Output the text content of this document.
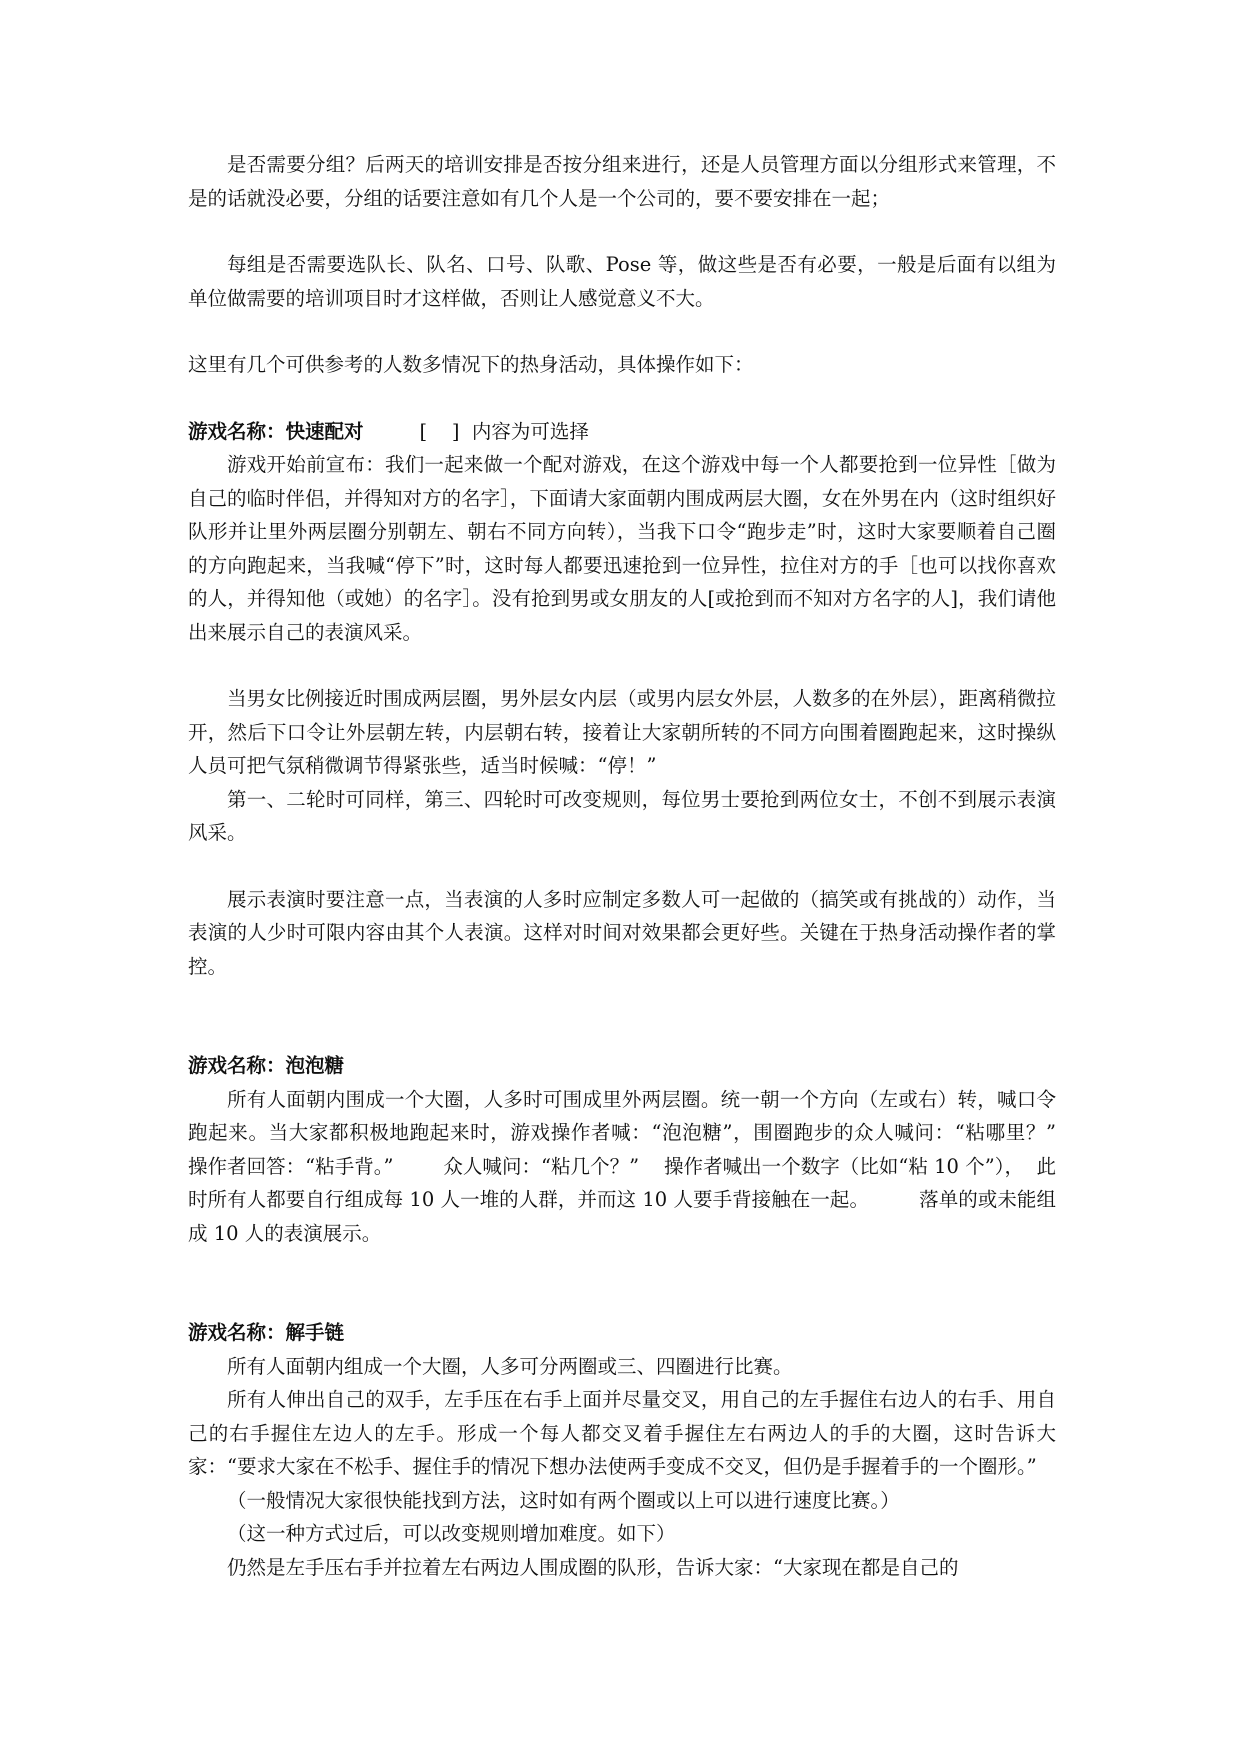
是否需要分组？后两天的培训安排是否按分组来进行，还是人员管理方面以分组形式来管理，不是的话就没必要，分组的话要注意如有几个人是一个公司的，要不要安排在一起；

每组是否需要选队长、队名、口号、队歌、Pose 等，做这些是否有必要，一般是后面有以组为单位做需要的培训项目时才这样做，否则让人感觉意义不大。

这里有几个可供参考的人数多情况下的热身活动，具体操作如下：

游戏名称：快速配对	[    ]  内容为可选择

游戏开始前宣布：我们一起来做一个配对游戏，在这个游戏中每一个人都要抢到一位异性［做为自己的临时伴侣，并得知对方的名字］，下面请大家面朝内围成两层大圈，女在外男在内（这时组织好队形并让里外两层圈分别朝左、朝右不同方向转），当我下口令“跑步走”时，这时大家要顺着自己圈的方向跑起来，当我喊“停下”时，这时每人都要迅速抢到一位异性，拉住对方的手［也可以找你喜欢的人，并得知他（或她）的名字］。没有抢到男或女朋友的人[或抢到而不知对方名字的人]，我们请他出来展示自己的表演风采。

当男女比例接近时围成两层圈，男外层女内层（或男内层女外层，人数多的在外层），距离稍微拉开，然后下口令让外层朝左转，内层朝右转，接着让大家朝所转的不同方向围着圈跑起来，这时操纵人员可把气氛稍微调节得紧张些，适当时候喊：“停！”

第一、二轮时可同样，第三、四轮时可改变规则，每位男士要抢到两位女士，不创不到展示表演风采。

展示表演时要注意一点，当表演的人多时应制定多数人可一起做的（搞笑或有挑战的）动作，当表演的人少时可限内容由其个人表演。这样对时间对效果都会更好些。关键在于热身活动操作者的掌控。

游戏名称：泡泡糖

所有人面朝内围成一个大圈，人多时可围成里外两层圈。统一朝一个方向（左或右）转，喊口令跑起来。当大家都积极地跑起来时，游戏操作者喊：“泡泡糖”，围圈跑步的众人喊问：“粘哪里？”    操作者回答：“粘手背。”        众人喊问：“粘几个？”    操作者喊出一个数字（比如“粘 10 个”），  此时所有人都要自行组成每 10 人一堆的人群，并而这 10 人要手背接触在一起。        落单的或未能组成 10 人的表演展示。

游戏名称：解手链

所有人面朝内组成一个大圈，人多可分两圈或三、四圈进行比赛。

所有人伸出自己的双手，左手压在右手上面并尽量交叉，用自己的左手握住右边人的右手、用自己的右手握住左边人的左手。形成一个每人都交叉着手握住左右两边人的手的大圈，这时告诉大家：“要求大家在不松手、握住手的情况下想办法使两手变成不交叉，但仍是手握着手的一个圈形。”

（一般情况大家很快能找到方法，这时如有两个圈或以上可以进行速度比赛。）

（这一种方式过后，可以改变规则增加难度。如下）

仍然是左手压右手并拉着左右两边人围成圈的队形，告诉大家：“大家现在都是自己的
